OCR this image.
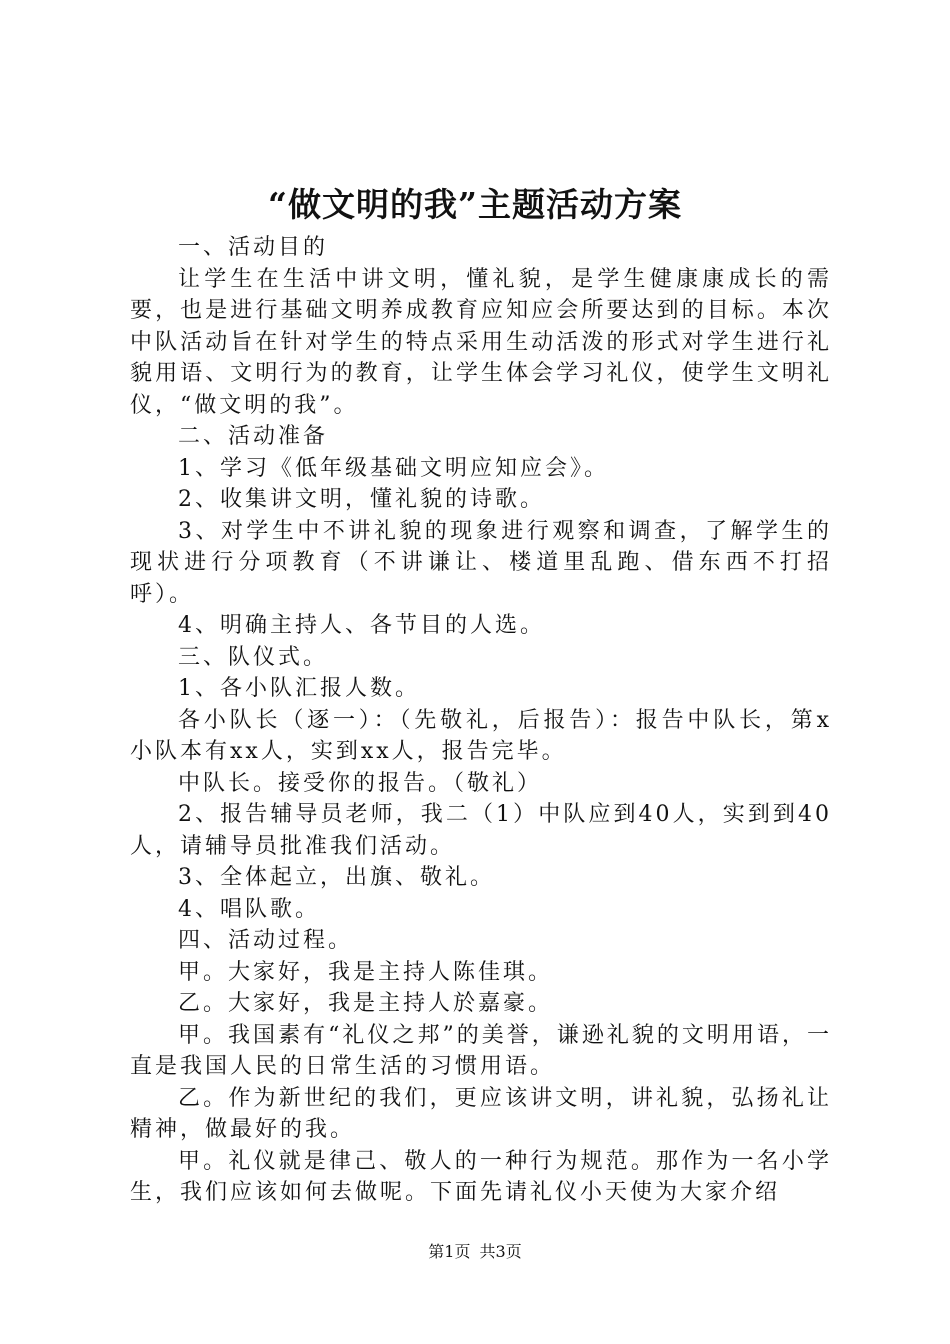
“做文明的我”主题活动方案

一、活动目的

让学生在生活中讲文明，懂礼貌，是学生健康康成长的需要，也是进行基础文明养成教育应知应会所要达到的目标。本次中队活动旨在针对学生的特点采用生动活泼的形式对学生进行礼貌用语、文明行为的教育，让学生体会学习礼仪，使学生文明礼仪，“做文明的我”。

二、活动准备

1、学习《低年级基础文明应知应会》。

2、收集讲文明，懂礼貌的诗歌。

3、对学生中不讲礼貌的现象进行观察和调查，了解学生的现状进行分项教育（不讲谦让、楼道里乱跑、借东西不打招呼）。

4、明确主持人、各节目的人选。

三、队仪式。

1、各小队汇报人数。

各小队长（逐一）：（先敬礼，后报告）：报告中队长，第x小队本有xx人，实到xx人，报告完毕。

中队长。接受你的报告。（敬礼）

2、报告辅导员老师，我二（1）中队应到40人，实到到40人，请辅导员批准我们活动。

3、全体起立，出旗、敬礼。

4、唱队歌。

四、活动过程。

甲。大家好，我是主持人陈佳琪。

乙。大家好，我是主持人於嘉豪。

甲。我国素有“礼仪之邦”的美誉，谦逊礼貌的文明用语，一直是我国人民的日常生活的习惯用语。

乙。作为新世纪的我们，更应该讲文明，讲礼貌，弘扬礼让精神，做最好的我。

甲。礼仪就是律己、敬人的一种行为规范。那作为一名小学生，我们应该如何去做呢。下面先请礼仪小天使为大家介绍

第1页 共3页
